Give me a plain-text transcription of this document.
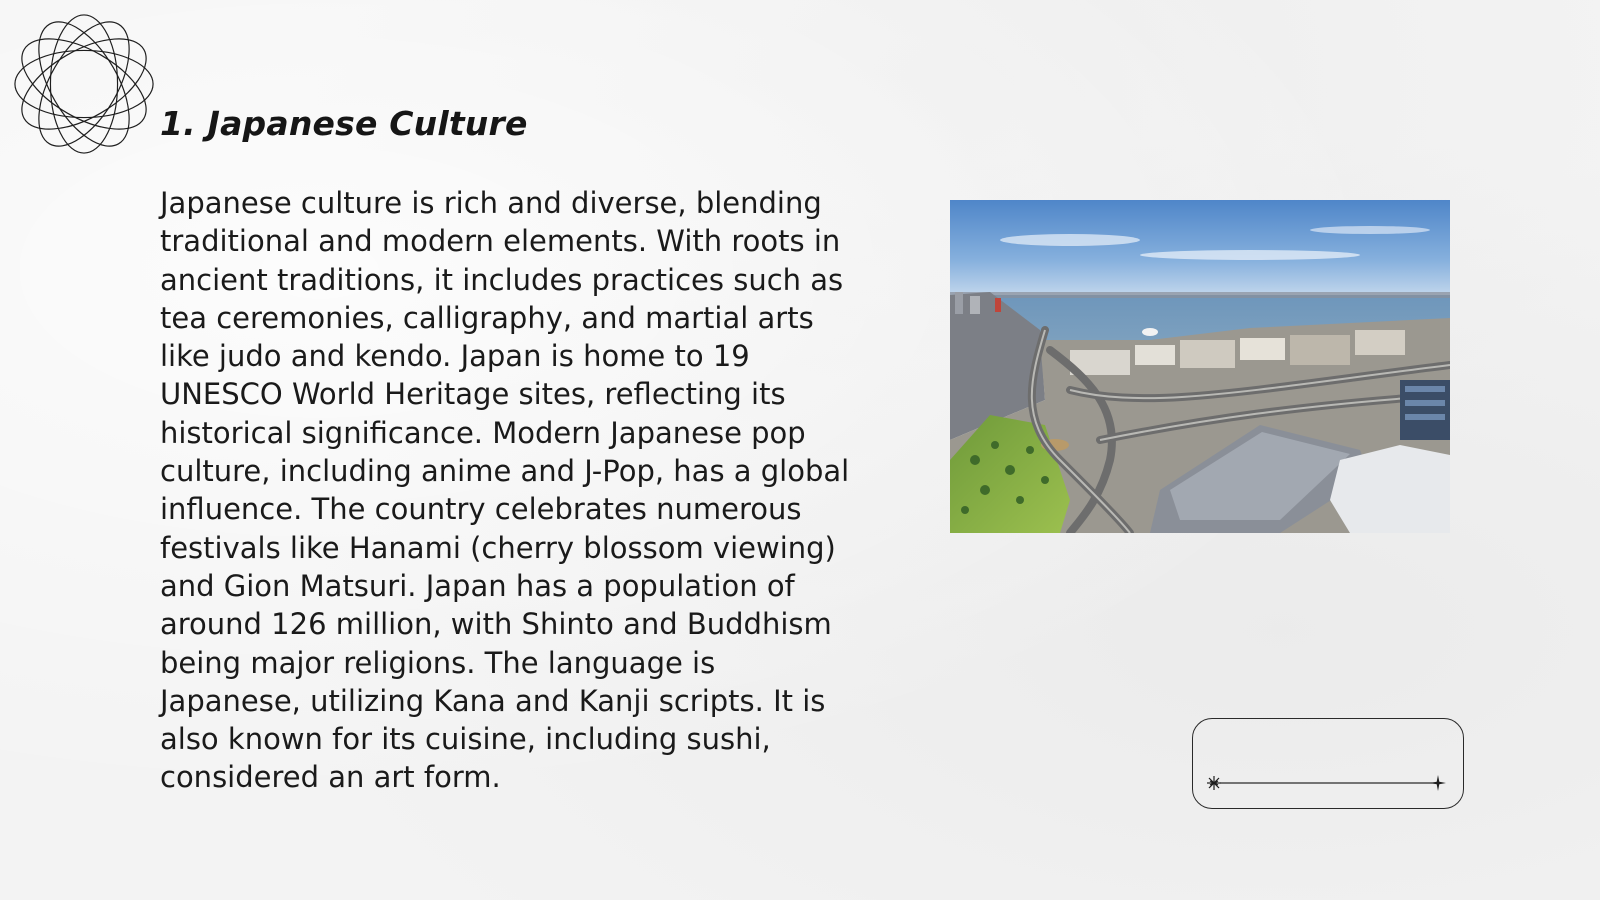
1. Japanese Culture

Japanese culture is rich and diverse, blending traditional and modern elements. With roots in ancient traditions, it includes practices such as tea ceremonies, calligraphy, and martial arts like judo and kendo. Japan is home to 19 UNESCO World Heritage sites, reflecting its historical significance. Modern Japanese pop culture, including anime and J-Pop, has a global influence. The country celebrates numerous festivals like Hanami (cherry blossom viewing) and Gion Matsuri. Japan has a population of around 126 million, with Shinto and Buddhism being major religions. The language is Japanese, utilizing Kana and Kanji scripts. It is also known for its cuisine, including sushi, considered an art form.
